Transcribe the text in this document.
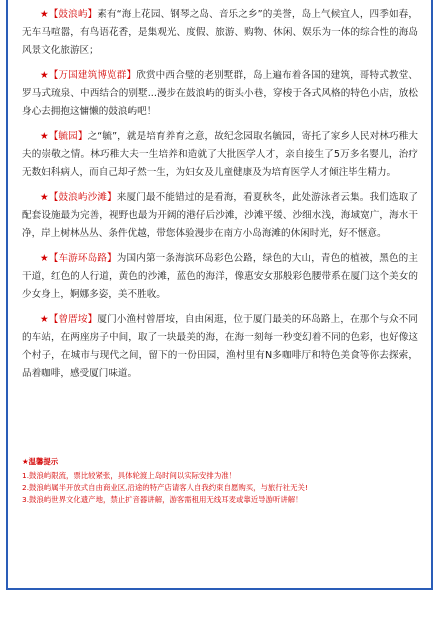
★【鼓浪屿】素有“海上花园、钢琴之岛、音乐之乡”的美誉，岛上气候宜人，四季如春，无车马喧嚣，有鸟语花香，是集观光、度假、旅游、购物、休闲、娱乐为一体的综合性的海岛风景文化旅游区；

★【万国建筑博览群】欣赏中西合璧的老别墅群，岛上遍布着各国的建筑，哥特式教堂、罗马式琉泉、中西结合的别墅...漫步在鼓浪屿的街头小巷，穿梭于各式风格的特色小店，放松身心去拥抱这慵懒的鼓浪屿吧！

★【毓园】之“毓”，就是培育养育之意，故纪念园取名毓园，寄托了家乡人民对林巧稚大夫的崇敬之情。林巧稚大夫一生培养和造就了大批医学人才，亲自接生了5万多名婴儿，治疗无数妇科病人，而自己却孑然一生，为妇女及儿童健康及为培育医学人才倾注毕生精力。

★【鼓浪屿沙滩】来厦门最不能错过的是看海，看夏秋冬，此处游泳者云集。我们选取了配套设施最为完善，视野也最为开阔的港仔后沙滩，沙滩平缓、沙细水浅，海域宽广，海水干净，岸上树林丛丛、条件优越，带您体验漫步在南方小岛海滩的休闲时光，好不惬意。

★【车游环岛路】为国内第一条海滨环岛彩色公路，绿色的大山，青色的植被，黑色的主干道，红色的人行道，黄色的沙滩，蓝色的海洋，像惠安女那般彩色腰带系在厦门这个美女的少女身上，婀娜多姿，美不胜收。

★【曾厝垵】厦门小渔村曾厝垵，自由闲逛，位于厦门最美的环岛路上，在那个与众不同的车站，在两座房子中间，取了一块最美的海，在海一刻每一秒变幻着不同的色彩，也好像这个村子，在城市与现代之间，留下的一份田园，渔村里有N多咖啡厅和特色美食等你去探索，品着咖啡，感受厦门味道。

★温馨提示
1.鼓浪屿限流，票比较紧张，具体轮渡上岛时间以实际安排为准！
2.鼓浪屿属半开放式自由商业区,沿途的特产店请客人自我约束自愿购买，与旅行社无关!
3.鼓浪屿世界文化遗产地，禁止扩音器讲解，游客需租用无线耳麦或靠近导游听讲解！
